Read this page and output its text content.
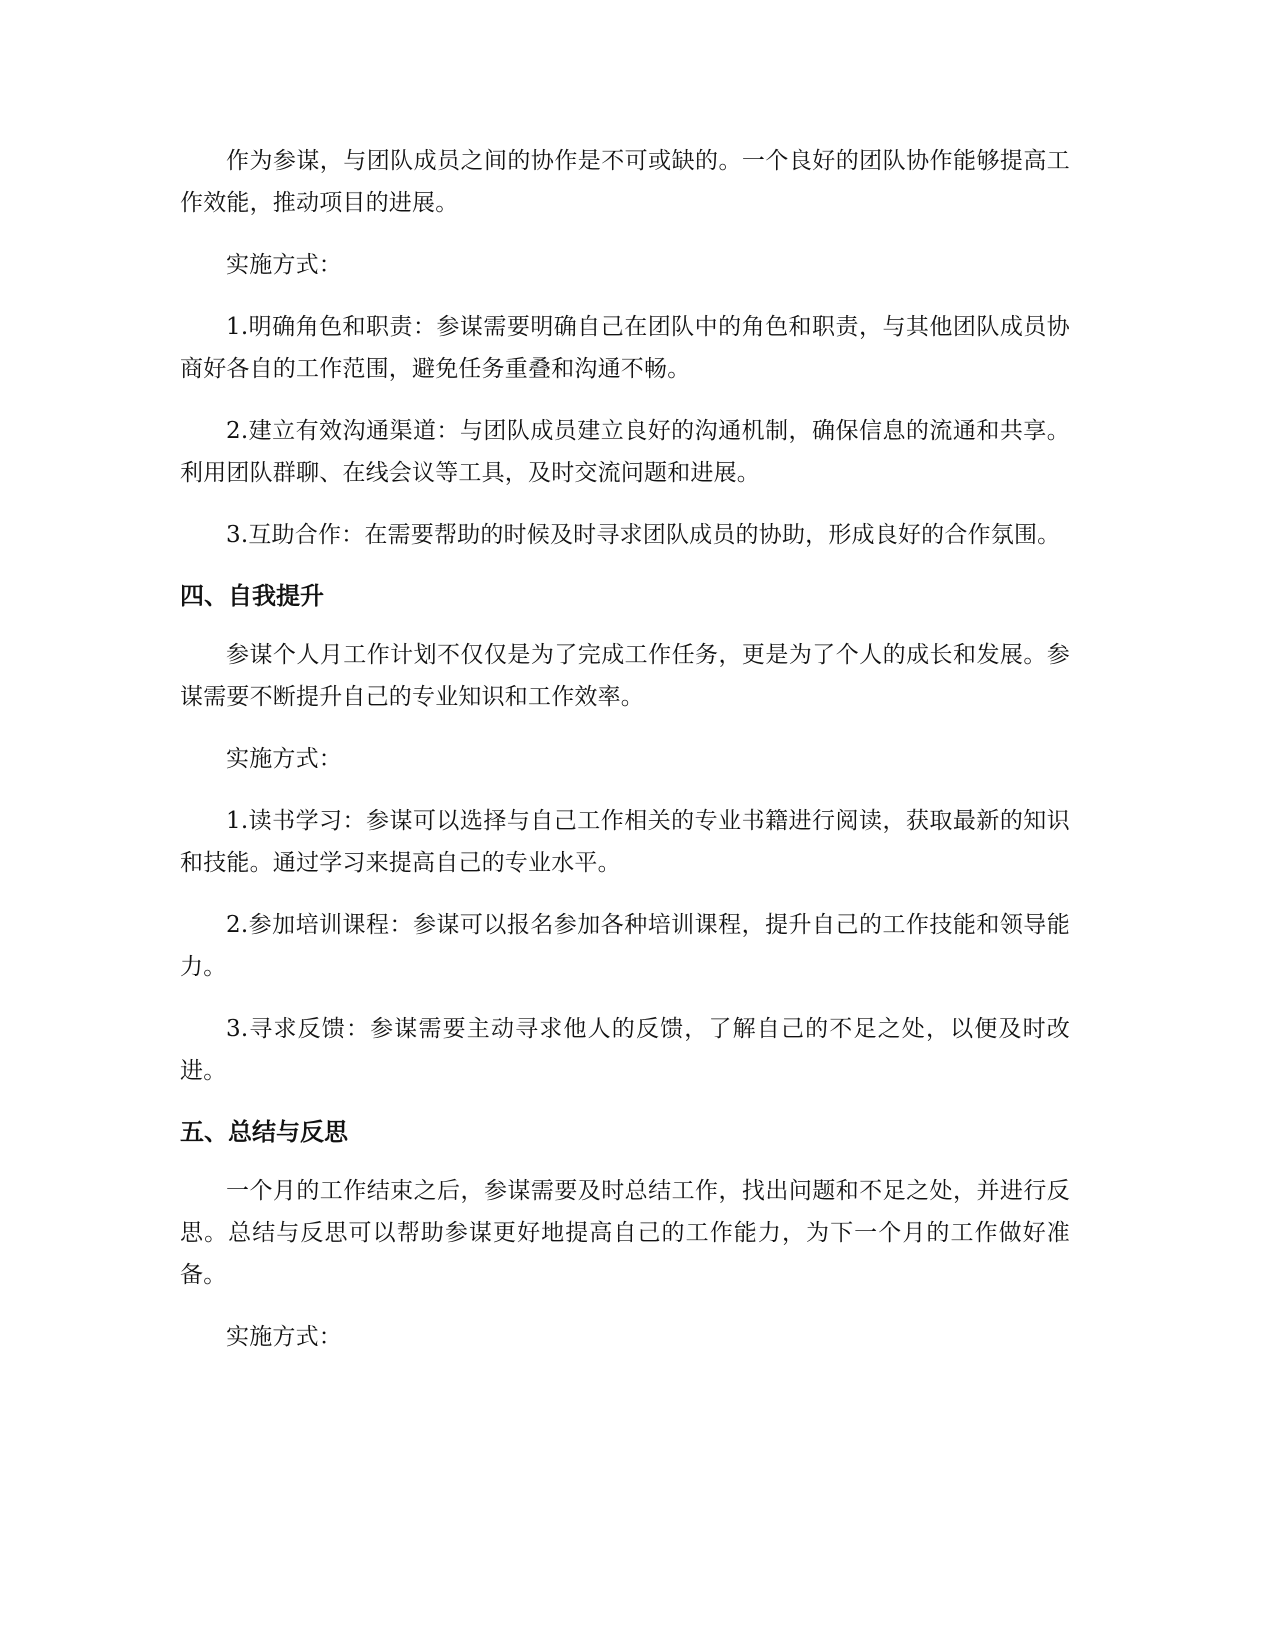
作为参谋，与团队成员之间的协作是不可或缺的。一个良好的团队协作能够提高工作效能，推动项目的进展。

实施方式：

1.明确角色和职责：参谋需要明确自己在团队中的角色和职责，与其他团队成员协商好各自的工作范围，避免任务重叠和沟通不畅。

2.建立有效沟通渠道：与团队成员建立良好的沟通机制，确保信息的流通和共享。利用团队群聊、在线会议等工具，及时交流问题和进展。

3.互助合作：在需要帮助的时候及时寻求团队成员的协助，形成良好的合作氛围。

四、自我提升

参谋个人月工作计划不仅仅是为了完成工作任务，更是为了个人的成长和发展。参谋需要不断提升自己的专业知识和工作效率。

实施方式：

1.读书学习：参谋可以选择与自己工作相关的专业书籍进行阅读，获取最新的知识和技能。通过学习来提高自己的专业水平。

2.参加培训课程：参谋可以报名参加各种培训课程，提升自己的工作技能和领导能力。

3.寻求反馈：参谋需要主动寻求他人的反馈，了解自己的不足之处，以便及时改进。

五、总结与反思

一个月的工作结束之后，参谋需要及时总结工作，找出问题和不足之处，并进行反思。总结与反思可以帮助参谋更好地提高自己的工作能力，为下一个月的工作做好准备。

实施方式：
